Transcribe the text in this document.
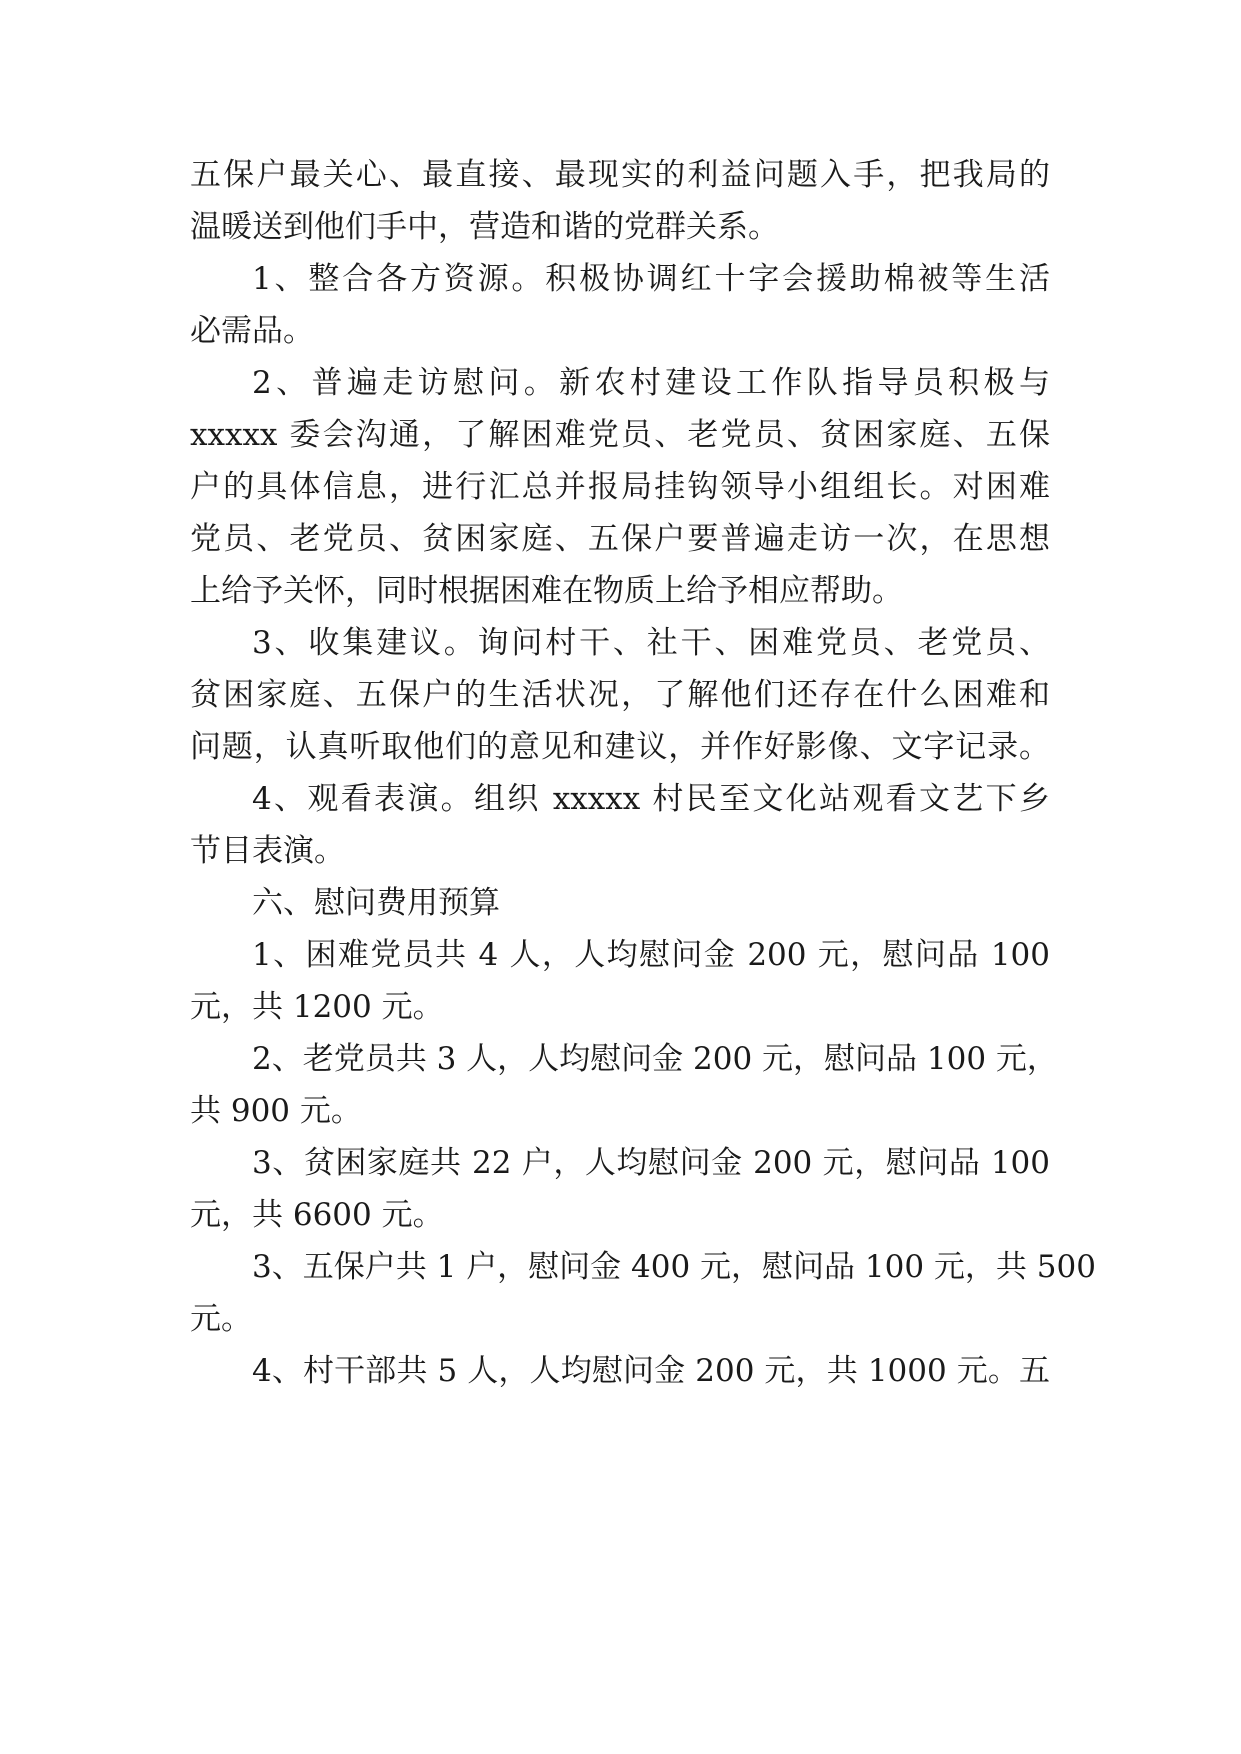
五保户最关心、最直接、最现实的利益问题入手，把我局的
温暖送到他们手中，营造和谐的党群关系。
1、整合各方资源。积极协调红十字会援助棉被等生活
必需品。
2、普遍走访慰问。新农村建设工作队指导员积极与
xxxxx 委会沟通，了解困难党员、老党员、贫困家庭、五保
户的具体信息，进行汇总并报局挂钩领导小组组长。对困难
党员、老党员、贫困家庭、五保户要普遍走访一次，在思想
上给予关怀，同时根据困难在物质上给予相应帮助。
3、收集建议。询问村干、社干、困难党员、老党员、
贫困家庭、五保户的生活状况，了解他们还存在什么困难和
问题，认真听取他们的意见和建议，并作好影像、文字记录。
4、观看表演。组织 xxxxx 村民至文化站观看文艺下乡
节目表演。
六、慰问费用预算
1、困难党员共 4 人，人均慰问金 200 元，慰问品 100
元，共 1200 元。
2、老党员共 3 人，人均慰问金 200 元，慰问品 100 元，
共 900 元。
3、贫困家庭共 22 户，人均慰问金 200 元，慰问品 100
元，共 6600 元。
3、五保户共 1 户，慰问金 400 元，慰问品 100 元，共 500
元。
4、村干部共 5 人，人均慰问金 200 元，共 1000 元。五
